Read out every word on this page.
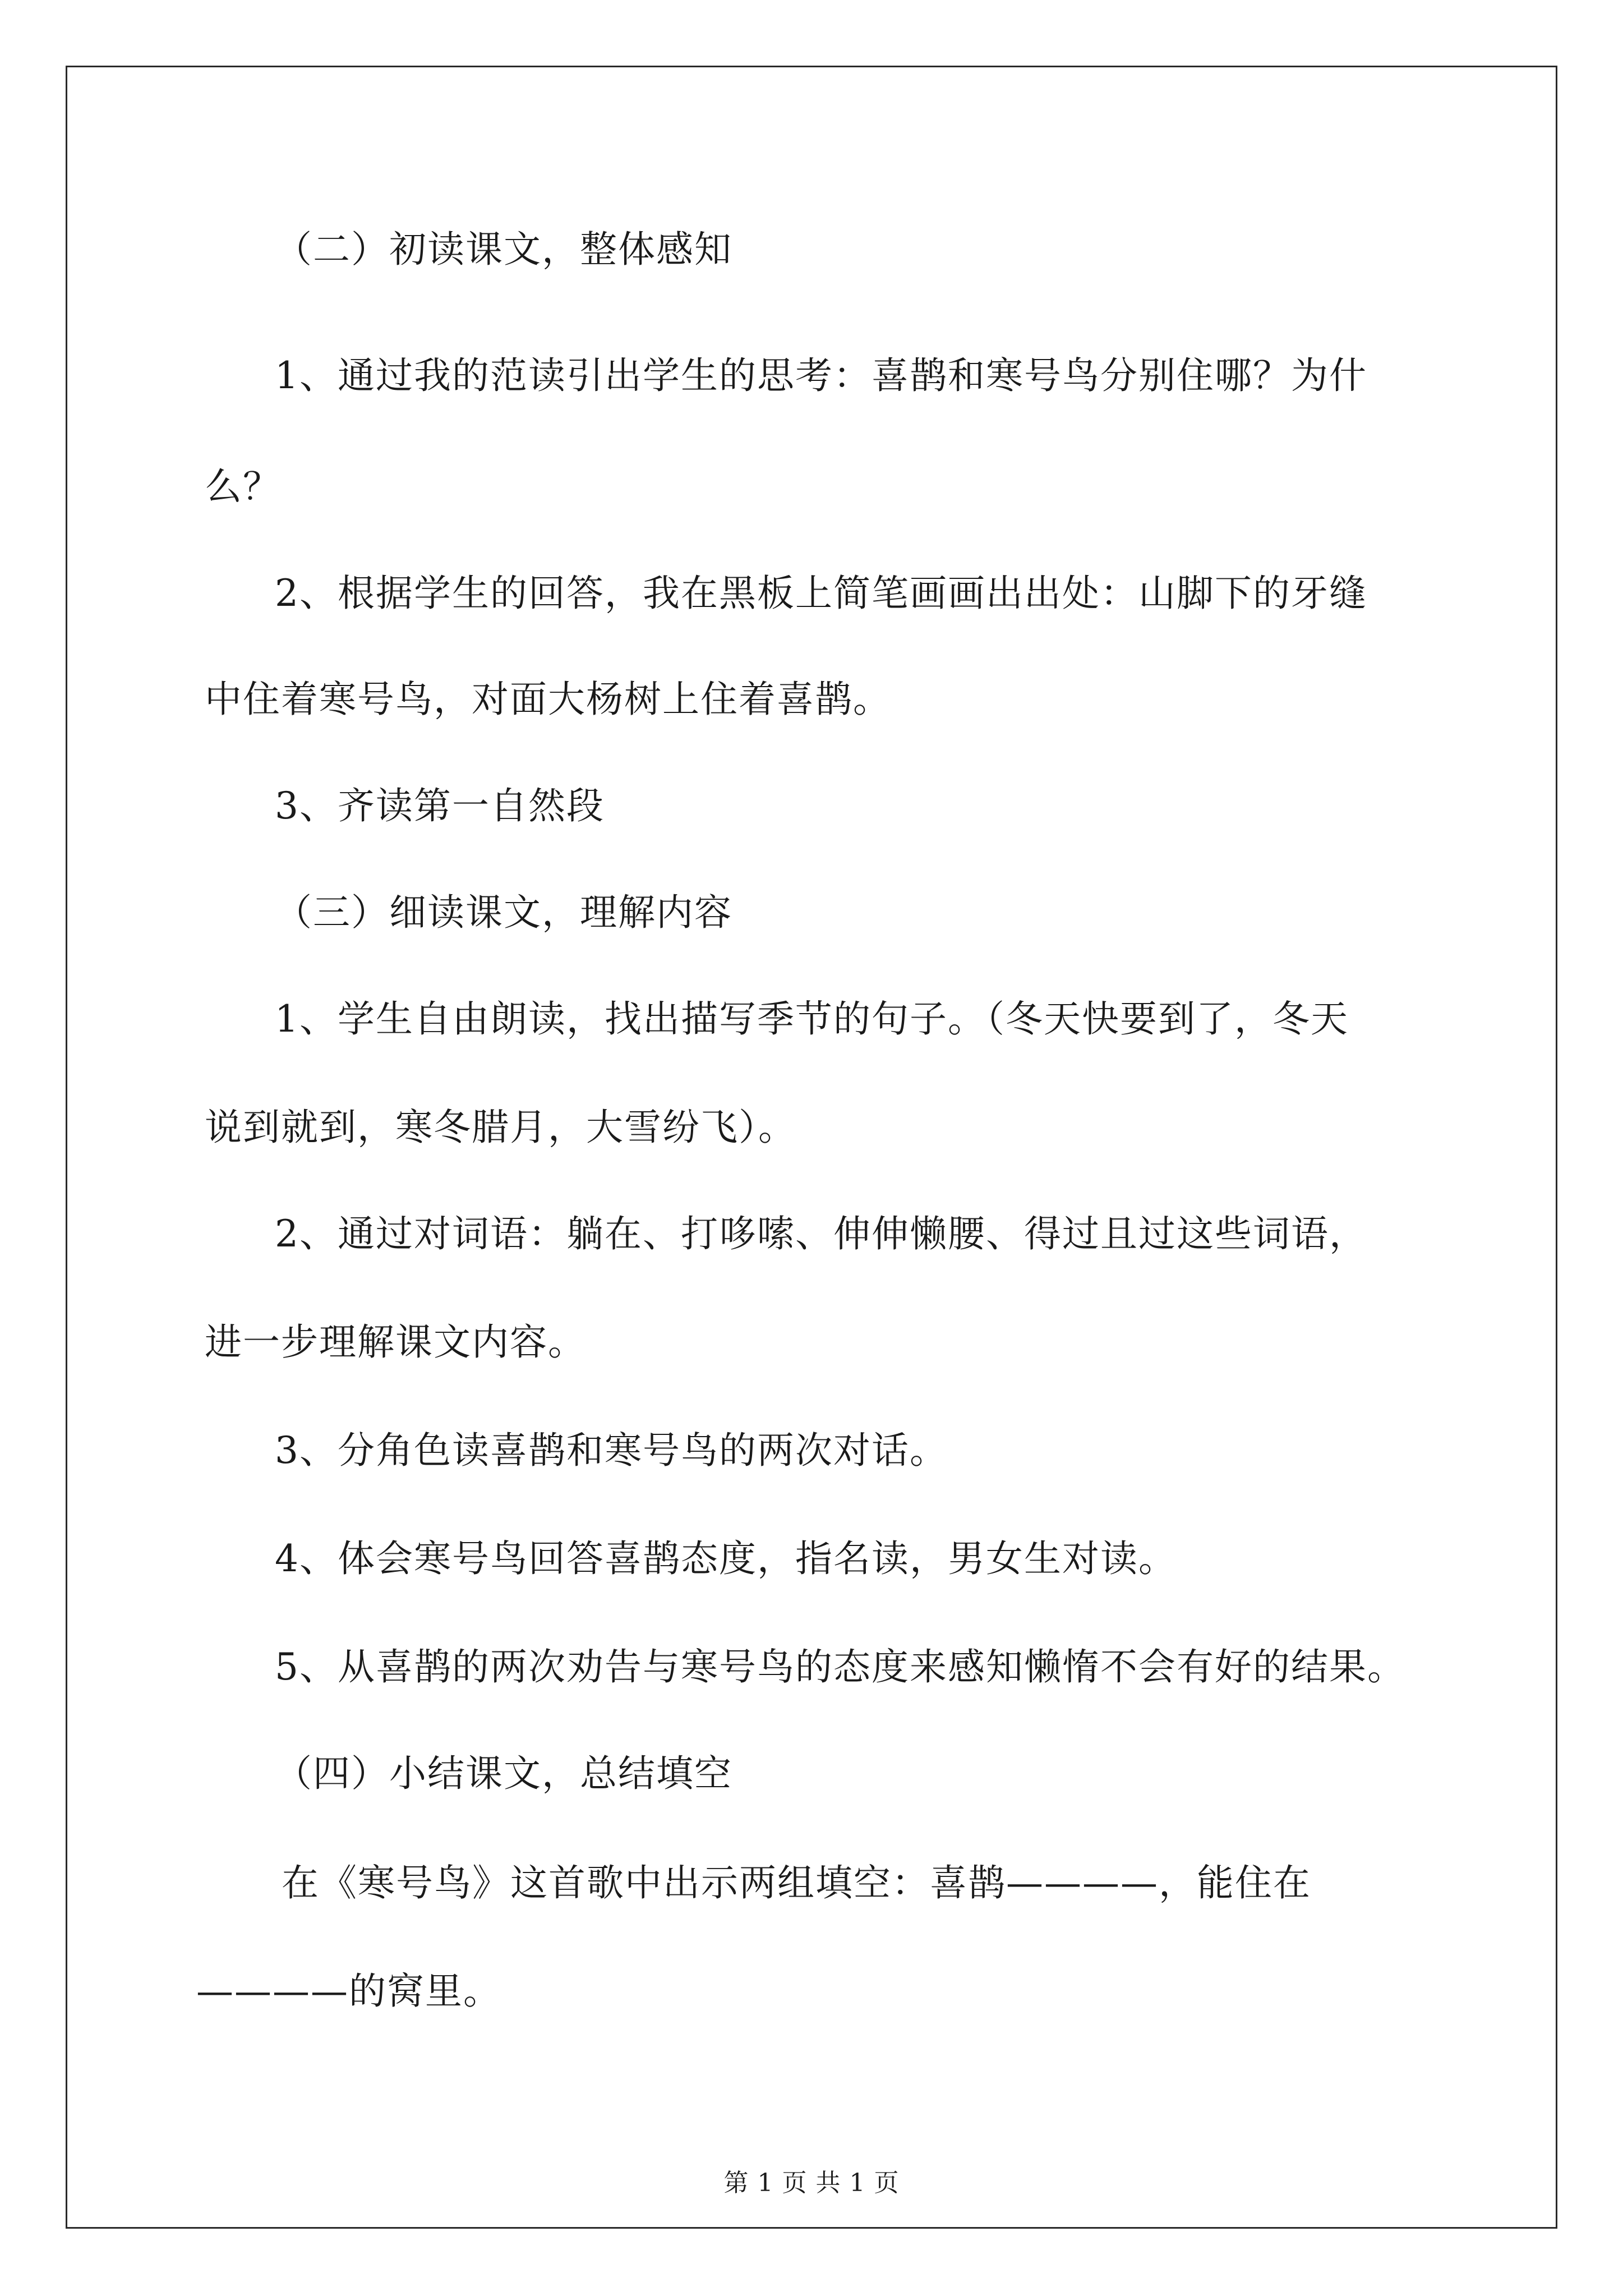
（二）初读课文，整体感知

1、通过我的范读引出学生的思考：喜鹊和寒号鸟分别住哪？为什

么？

2、根据学生的回答，我在黑板上简笔画画出出处：山脚下的牙缝

中住着寒号鸟，对面大杨树上住着喜鹊。

3、齐读第一自然段

（三）细读课文，理解内容

1、学生自由朗读，找出描写季节的句子。（冬天快要到了，冬天

说到就到，寒冬腊月，大雪纷飞）。

2、通过对词语：躺在、打哆嗦、伸伸懒腰、得过且过这些词语，

进一步理解课文内容。

3、分角色读喜鹊和寒号鸟的两次对话。

4、体会寒号鸟回答喜鹊态度，指名读，男女生对读。

5、从喜鹊的两次劝告与寒号鸟的态度来感知懒惰不会有好的结果。

（四）小结课文，总结填空

在《寒号鸟》这首歌中出示两组填空：喜鹊————，能住在

————的窝里。

第 1 页 共 1 页
